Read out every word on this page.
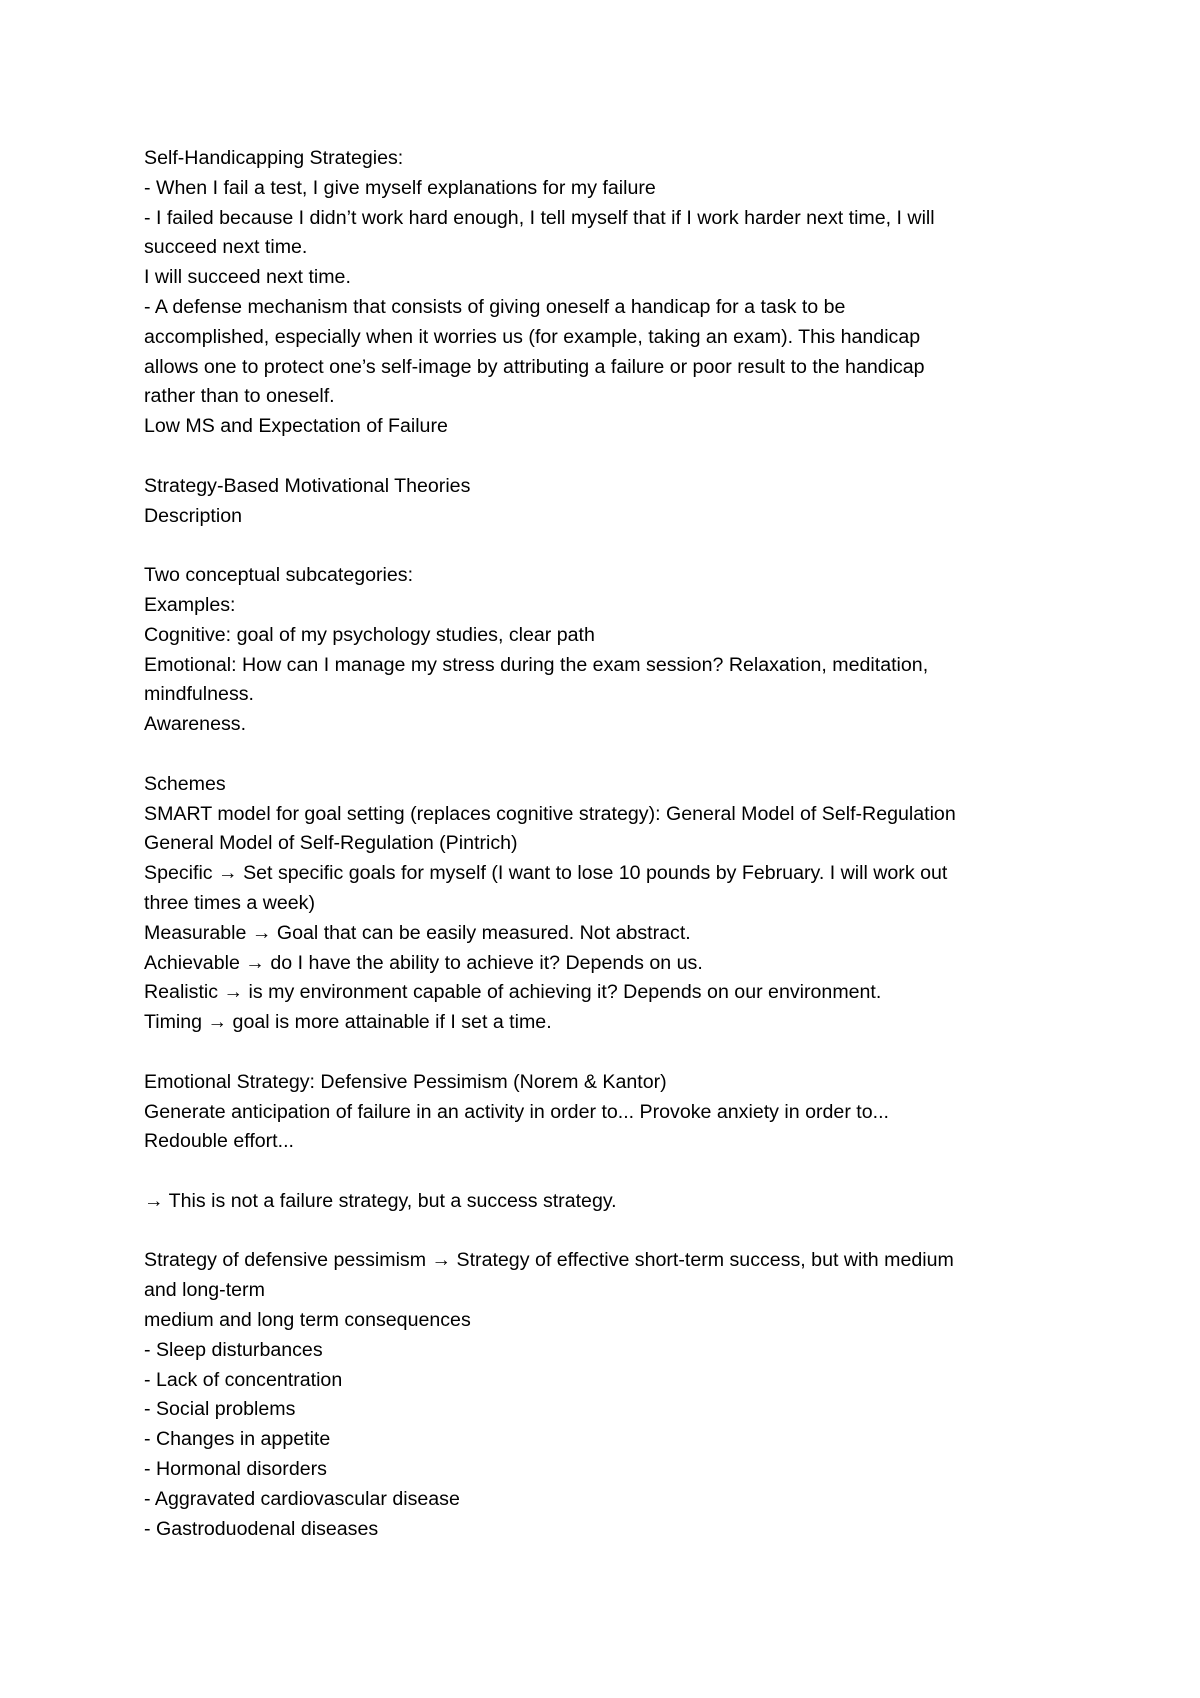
Self-Handicapping Strategies:
- When I fail a test, I give myself explanations for my failure
- I failed because I didn’t work hard enough, I tell myself that if I work harder next time, I will
succeed next time.
I will succeed next time.
- A defense mechanism that consists of giving oneself a handicap for a task to be
accomplished, especially when it worries us (for example, taking an exam). This handicap
allows one to protect one’s self-image by attributing a failure or poor result to the handicap
rather than to oneself.
Low MS and Expectation of Failure
Strategy-Based Motivational Theories
Description
Two conceptual subcategories:
Examples:
Cognitive: goal of my psychology studies, clear path
Emotional: How can I manage my stress during the exam session? Relaxation, meditation,
mindfulness.
Awareness.
Schemes
SMART model for goal setting (replaces cognitive strategy): General Model of Self-Regulation
General Model of Self-Regulation (Pintrich)
Specific → Set specific goals for myself (I want to lose 10 pounds by February. I will work out
three times a week)
Measurable → Goal that can be easily measured. Not abstract.
Achievable → do I have the ability to achieve it? Depends on us.
Realistic → is my environment capable of achieving it? Depends on our environment.
Timing → goal is more attainable if I set a time.
Emotional Strategy: Defensive Pessimism (Norem & Kantor)
Generate anticipation of failure in an activity in order to... Provoke anxiety in order to...
Redouble effort...
→ This is not a failure strategy, but a success strategy.
Strategy of defensive pessimism → Strategy of effective short-term success, but with medium
and long-term
medium and long term consequences
- Sleep disturbances
- Lack of concentration
- Social problems
- Changes in appetite
- Hormonal disorders
- Aggravated cardiovascular disease
- Gastroduodenal diseases
